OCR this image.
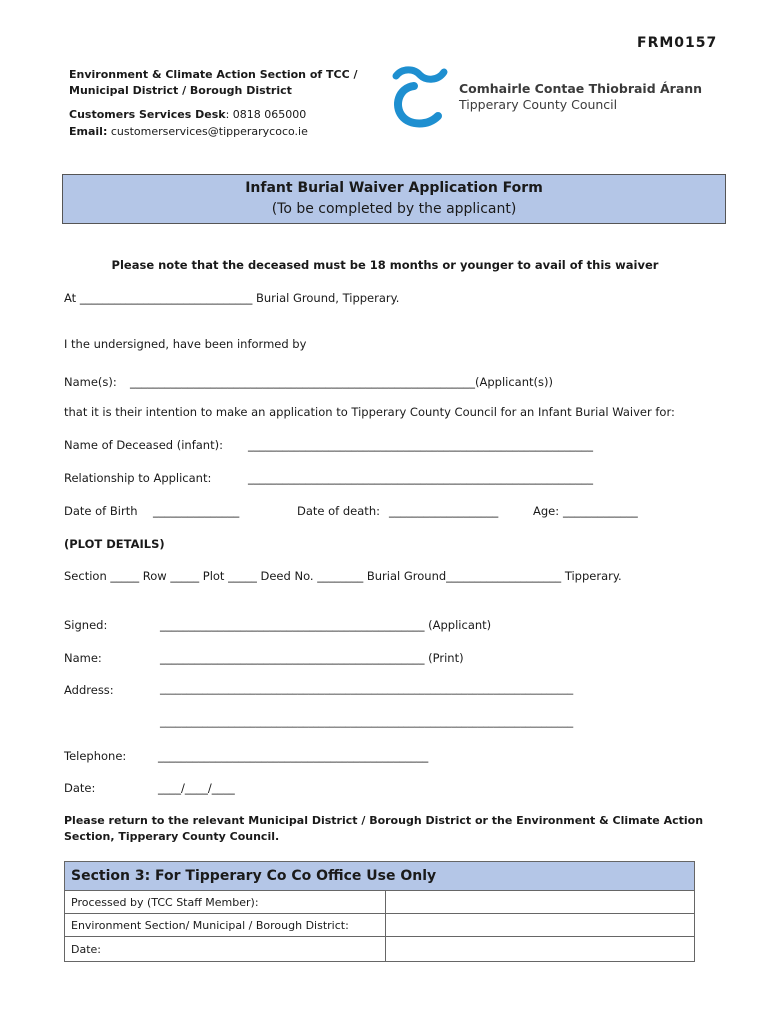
FRM0157
Environment & Climate Action Section of TCC /
Municipal District / Borough District
Customers Services Desk: 0818 065000
Email: customerservices@tipperarycoco.ie
Comhairle Contae Thiobraid Árann
Tipperary County Council
Infant Burial Waiver Application Form
(To be completed by the applicant)
Please note that the deceased must be 18 months or younger to avail of this waiver
At ______________________________ Burial Ground, Tipperary.
I the undersigned, have been informed by
Name(s): ____________________________________________________________(Applicant(s))
that it is their intention to make an application to Tipperary County Council for an Infant Burial Waiver for:
Name of Deceased (infant): ____________________________________________________________
Relationship to Applicant:	____________________________________________________________
Date of Birth _______________	Date of death: ___________________	Age: _____________
(PLOT DETAILS)
Section _____ Row _____ Plot _____ Deed No. ________ Burial Ground____________________ Tipperary.
Signed:	______________________________________________ (Applicant)
Name:	______________________________________________ (Print)
Address:	______________________________________________________________________________
______________________________________________________________________________
Telephone:	_______________________________________________
Date:	____/____/____
Please return to the relevant Municipal District / Borough District or the Environment & Climate Action
Section, Tipperary County Council.
Section 3: For Tipperary Co Co Office Use Only	
Processed by (TCC Staff Member):	
Environment Section/ Municipal / Borough District:	
Date:	
